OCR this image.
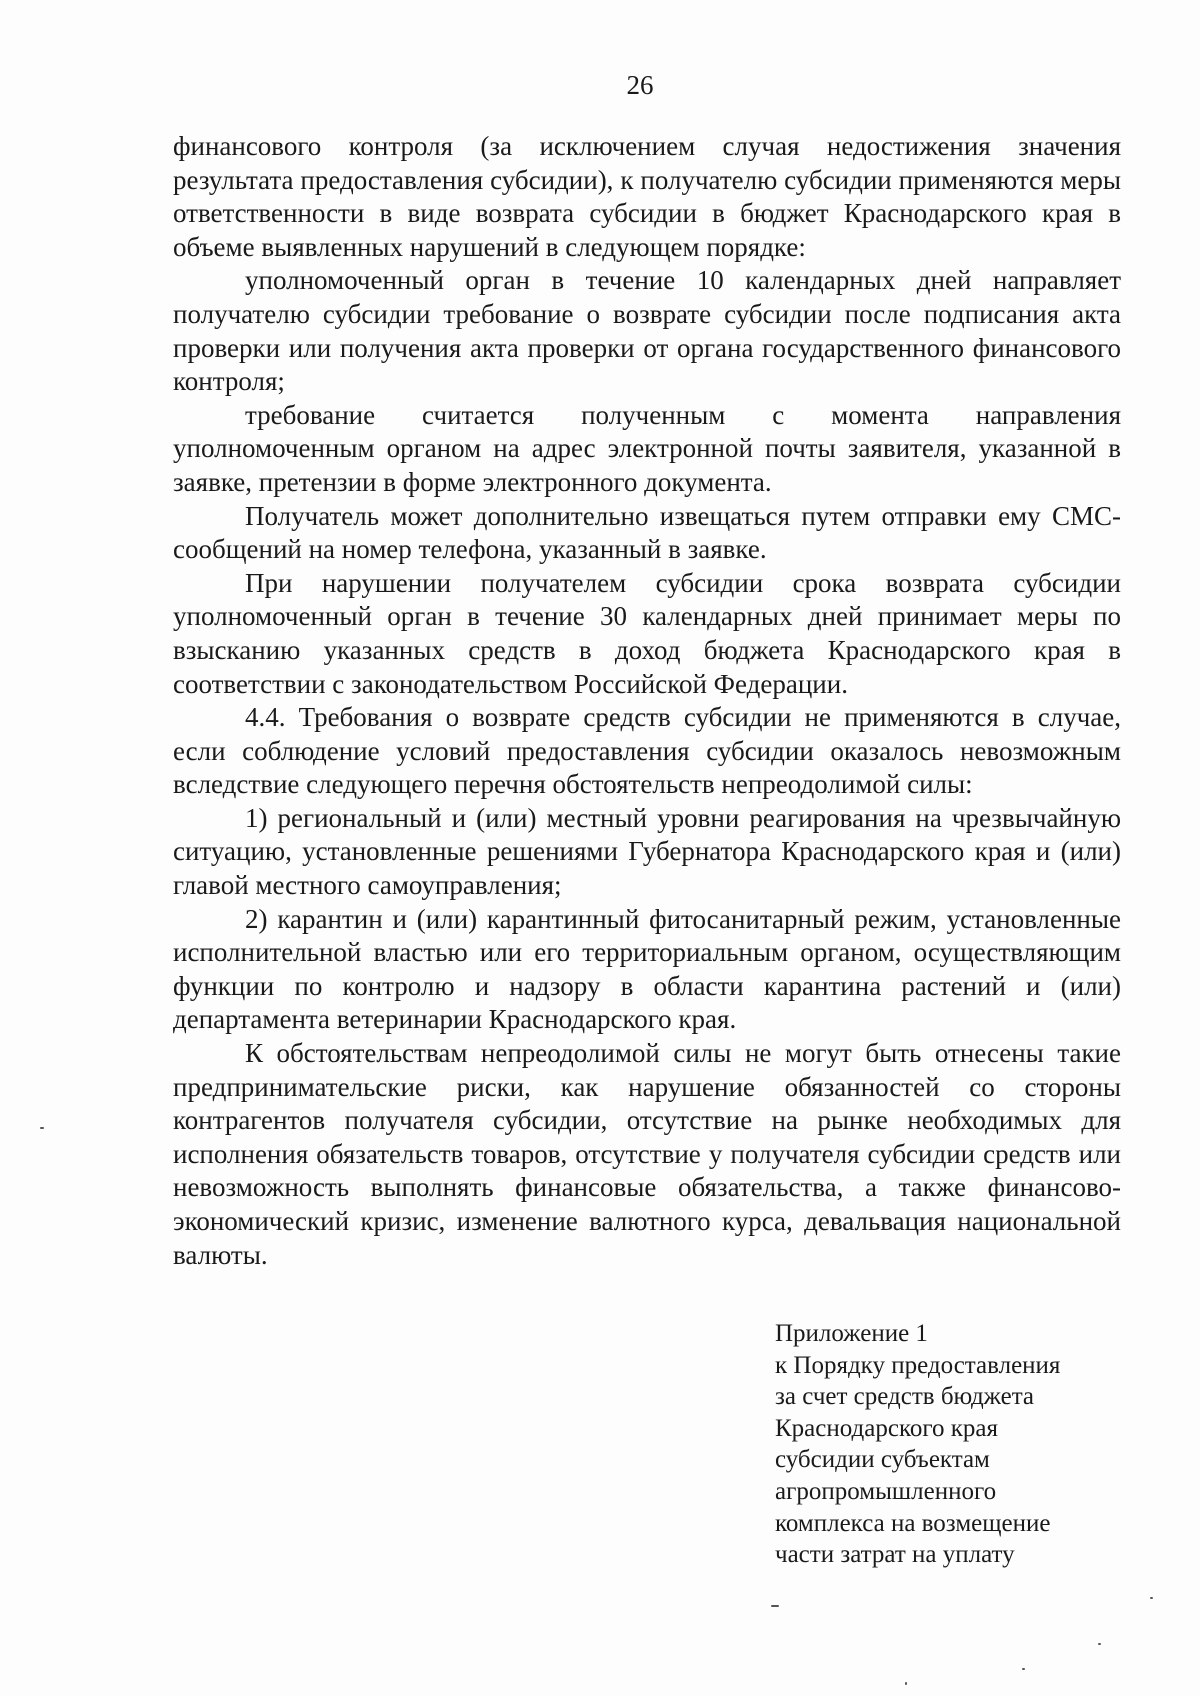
26

финансового контроля (за исключением случая недостижения значения результата предоставления субсидии), к получателю субсидии применяются меры ответственности в виде возврата субсидии в бюджет Краснодарского края в объеме выявленных нарушений в следующем порядке:

уполномоченный орган в течение 10 календарных дней направляет получателю субсидии требование о возврате субсидии после подписания акта проверки или получения акта проверки от органа государственного финансового контроля;

требование считается полученным с момента направления уполномоченным органом на адрес электронной почты заявителя, указанной в заявке, претензии в форме электронного документа.

Получатель может дополнительно извещаться путем отправки ему СМС-сообщений на номер телефона, указанный в заявке.

При нарушении получателем субсидии срока возврата субсидии уполномоченный орган в течение 30 календарных дней принимает меры по взысканию указанных средств в доход бюджета Краснодарского края в соответствии с законодательством Российской Федерации.

4.4. Требования о возврате средств субсидии не применяются в случае, если соблюдение условий предоставления субсидии оказалось невозможным вследствие следующего перечня обстоятельств непреодолимой силы:

1) региональный и (или) местный уровни реагирования на чрезвычайную ситуацию, установленные решениями Губернатора Краснодарского края и (или) главой местного самоуправления;

2) карантин и (или) карантинный фитосанитарный режим, установленные исполнительной властью или его территориальным органом, осуществляющим функции по контролю и надзору в области карантина растений и (или) департамента ветеринарии Краснодарского края.

К обстоятельствам непреодолимой силы не могут быть отнесены такие предпринимательские риски, как нарушение обязанностей со стороны контрагентов получателя субсидии, отсутствие на рынке необходимых для исполнения обязательств товаров, отсутствие у получателя субсидии средств или невозможность выполнять финансовые обязательства, а также финансово-экономический кризис, изменение валютного курса, девальвация национальной валюты.

Приложение 1
к Порядку предоставления
за счет средств бюджета
Краснодарского края
субсидии субъектам
агропромышленного
комплекса на возмещение
части затрат на уплату
